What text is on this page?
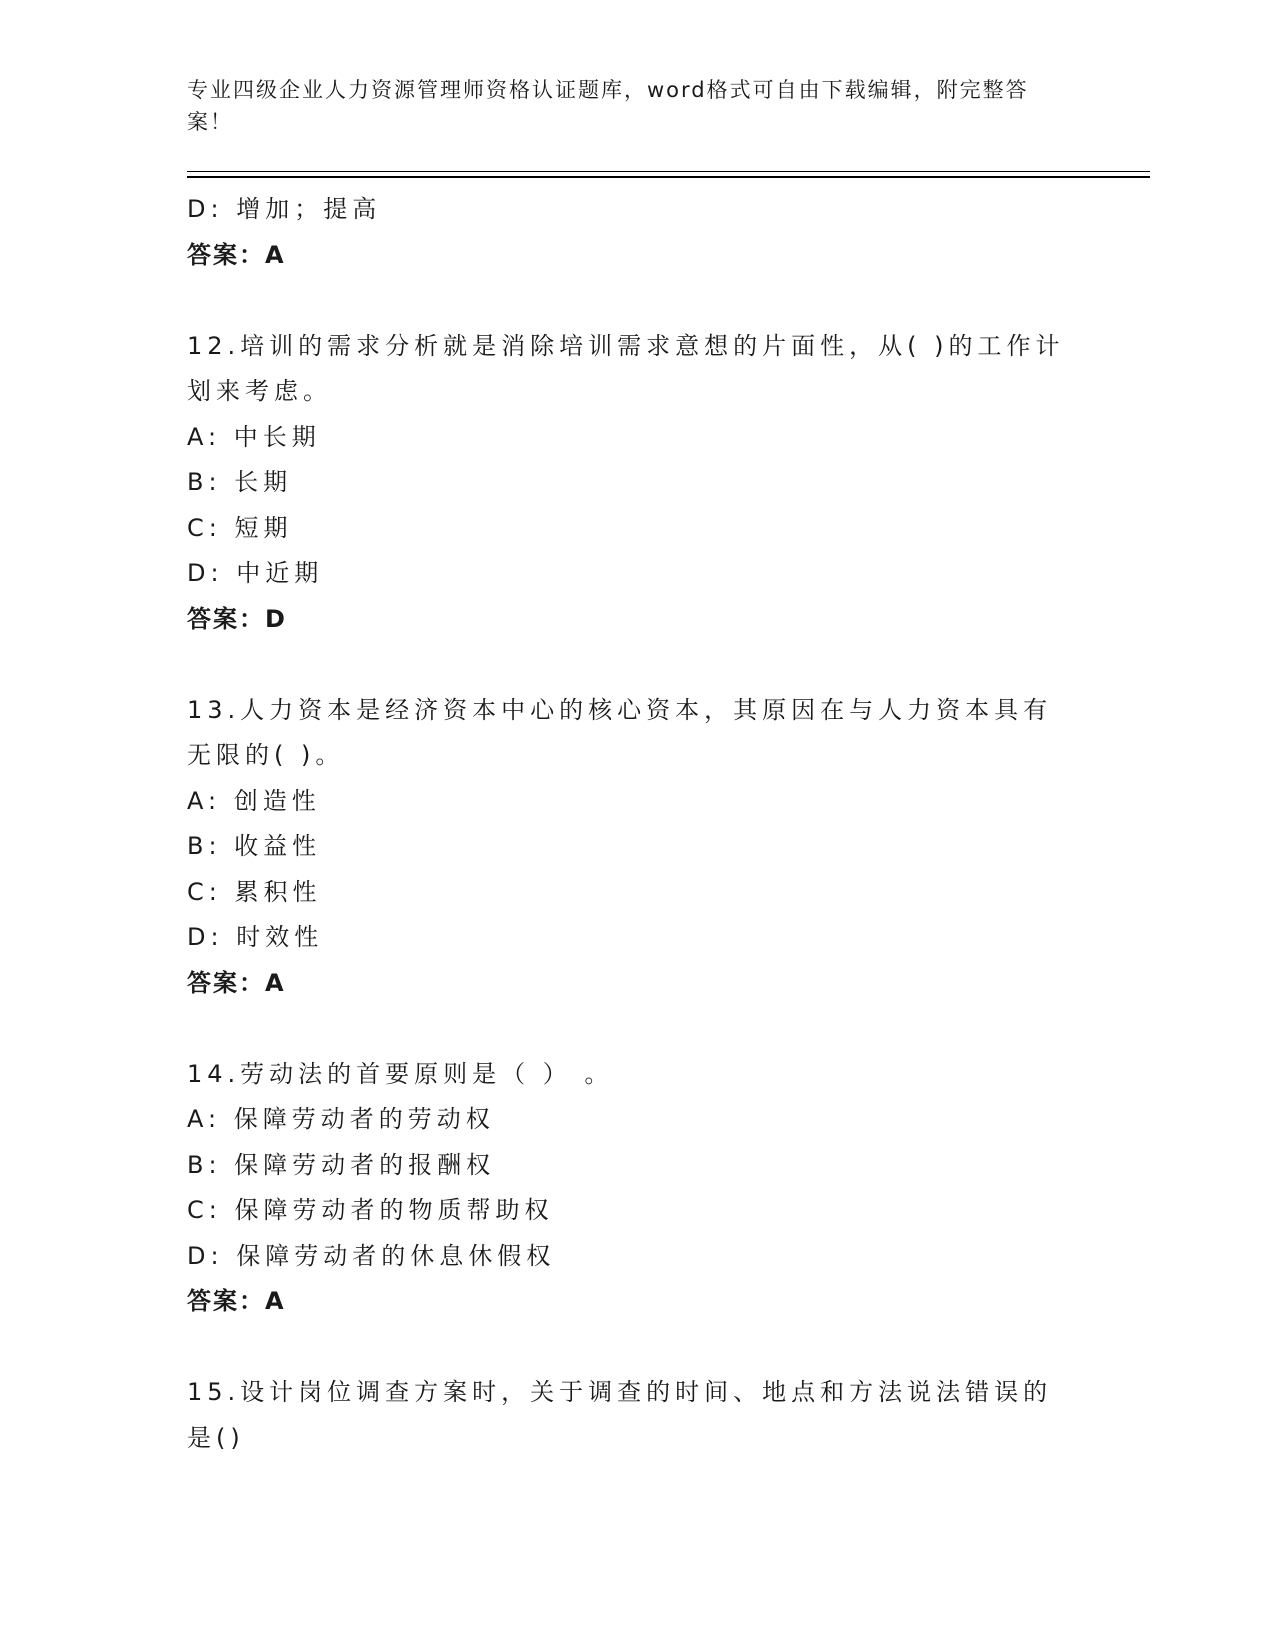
专业四级企业人力资源管理师资格认证题库，word格式可自由下载编辑，附完整答案！
D: 增加；提高
答案：A
12.培训的需求分析就是消除培训需求意想的片面性，从( )的工作计划来考虑。
A: 中长期
B: 长期
C: 短期
D: 中近期
答案：D
13.人力资本是经济资本中心的核心资本，其原因在与人力资本具有无限的( )。
A: 创造性
B: 收益性
C: 累积性
D: 时效性
答案：A
14.劳动法的首要原则是（ ） 。
A: 保障劳动者的劳动权
B: 保障劳动者的报酬权
C: 保障劳动者的物质帮助权
D: 保障劳动者的休息休假权
答案：A
15.设计岗位调查方案时，关于调查的时间、地点和方法说法错误的是()
